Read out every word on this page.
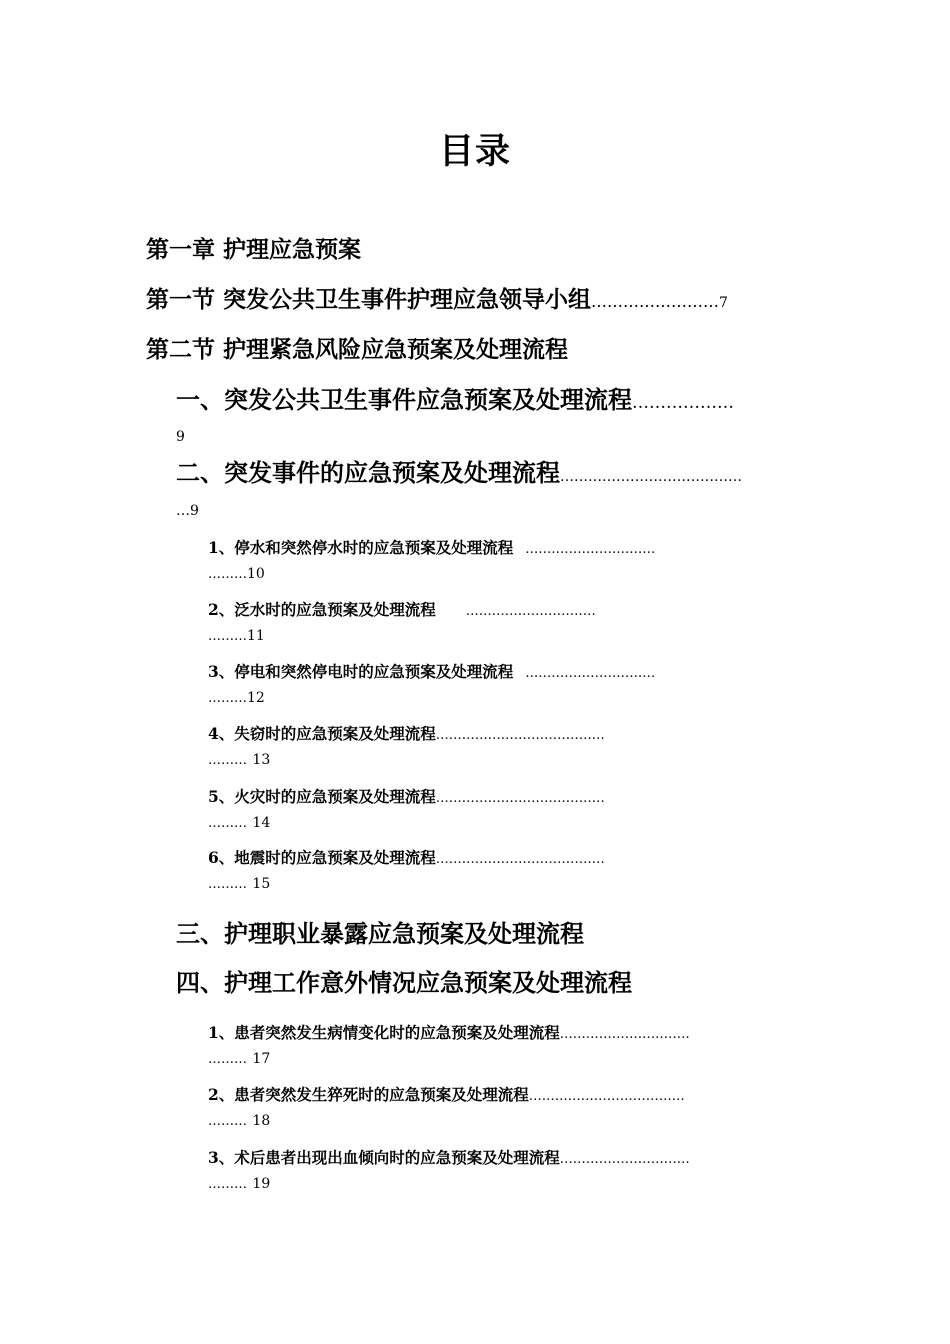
目录
第一章 护理应急预案
第一节 突发公共卫生事件护理应急领导小组……………………7
第二节 护理紧急风险应急预案及处理流程
一、突发公共卫生事件应急预案及处理流程………………
9
二、突发事件的应急预案及处理流程…………………………………
…9
1、停水和突然停水时的应急预案及处理流程 …………………………
………10
2、泛水时的应急预案及处理流程 …………………………
………11
3、停电和突然停电时的应急预案及处理流程 …………………………
………12
4、失窃时的应急预案及处理流程…………………………………
……… 13
5、火灾时的应急预案及处理流程…………………………………
……… 14
6、地震时的应急预案及处理流程…………………………………
……… 15
三、护理职业暴露应急预案及处理流程
四、护理工作意外情况应急预案及处理流程
1、患者突然发生病情变化时的应急预案及处理流程…………………………
……… 17
2、患者突然发生猝死时的应急预案及处理流程………………………………
……… 18
3、术后患者出现出血倾向时的应急预案及处理流程…………………………
……… 19
